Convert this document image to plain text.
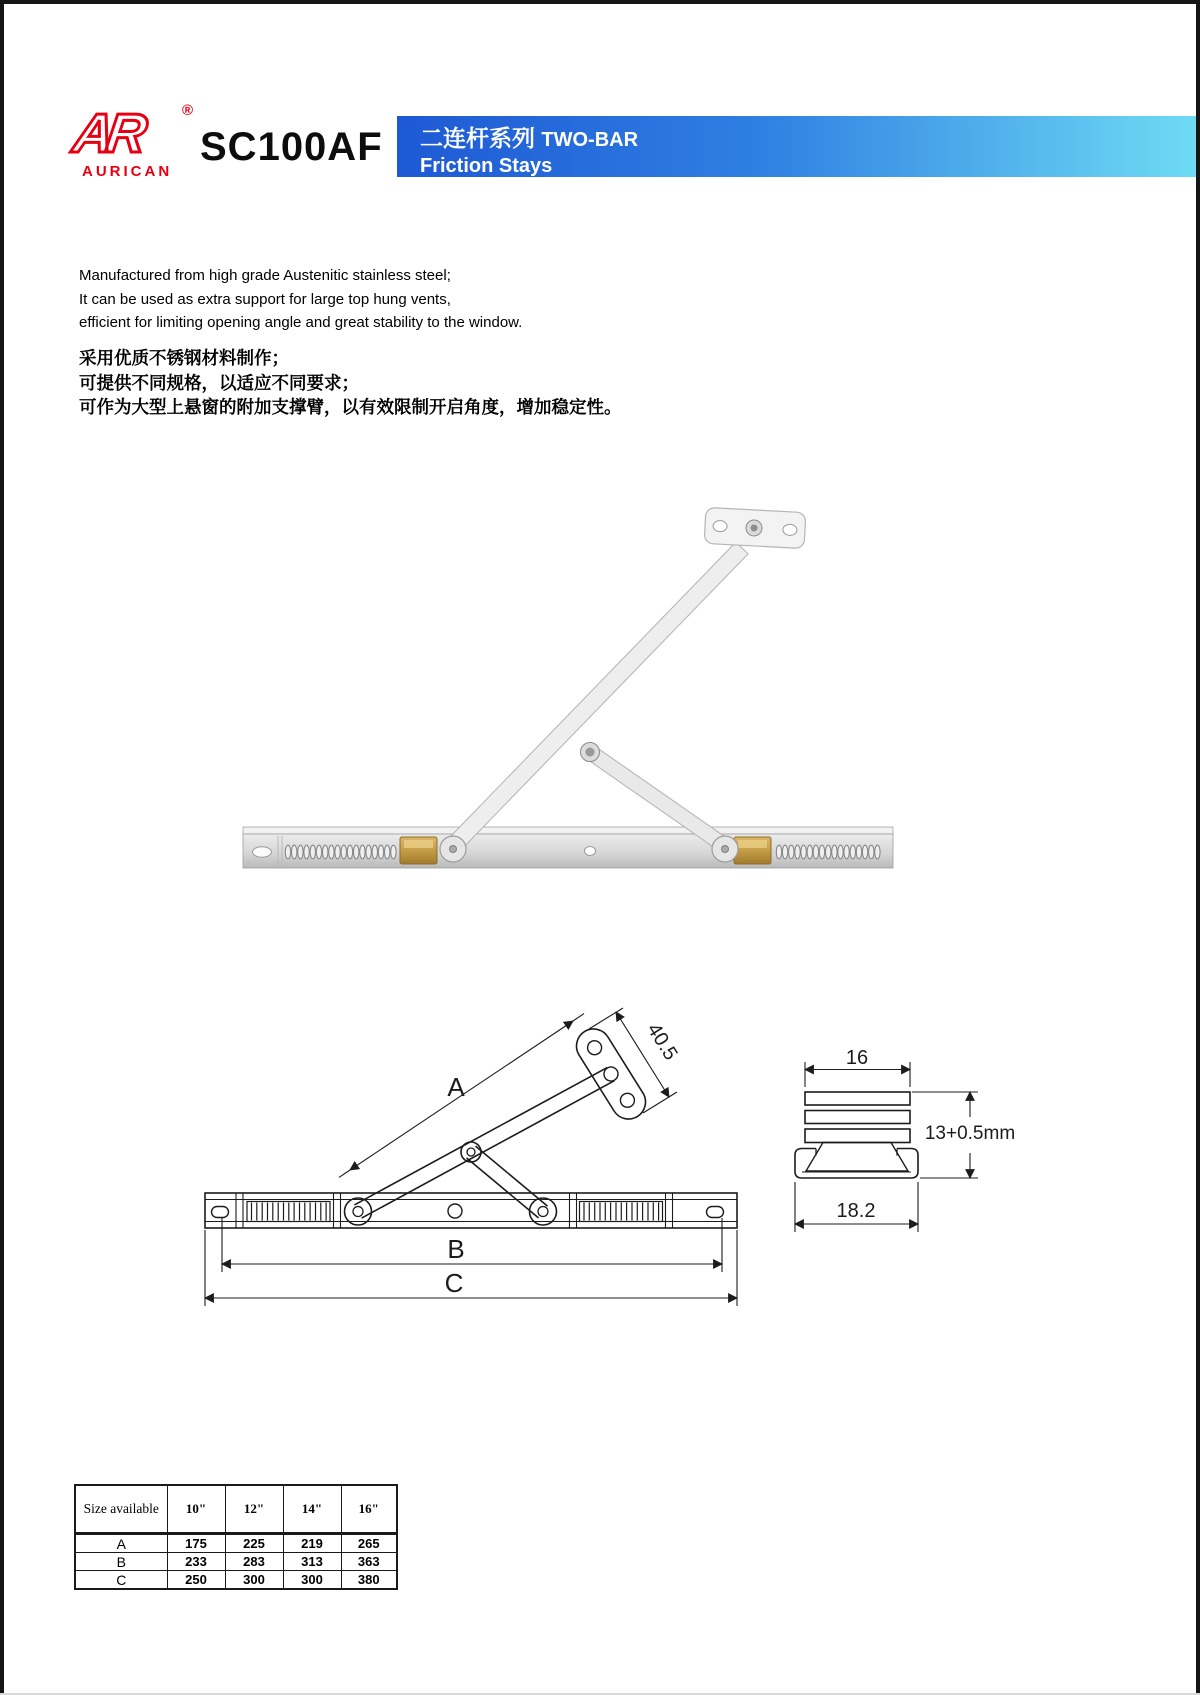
AR	®
AURICAN
SC100AF 二连杆系列 TWO-BAR
Friction Stays
Manufactured from high grade Austenitic stainless steel;
It can be used as extra support for large top hung vents,
efficient for limiting opening angle and great stability to the window.
采用优质不锈钢材料制作；
可提供不同规格，以适应不同要求；
可作为大型上悬窗的附加支撑臂，以有效限制开启角度，增加稳定性。
A
40.5
B
C
16
13+0.5mm
18.2
Size available	10"	12"	14"	16"
A	175	225	219	265
B	233	283	313	363
C	250	300	300	380
